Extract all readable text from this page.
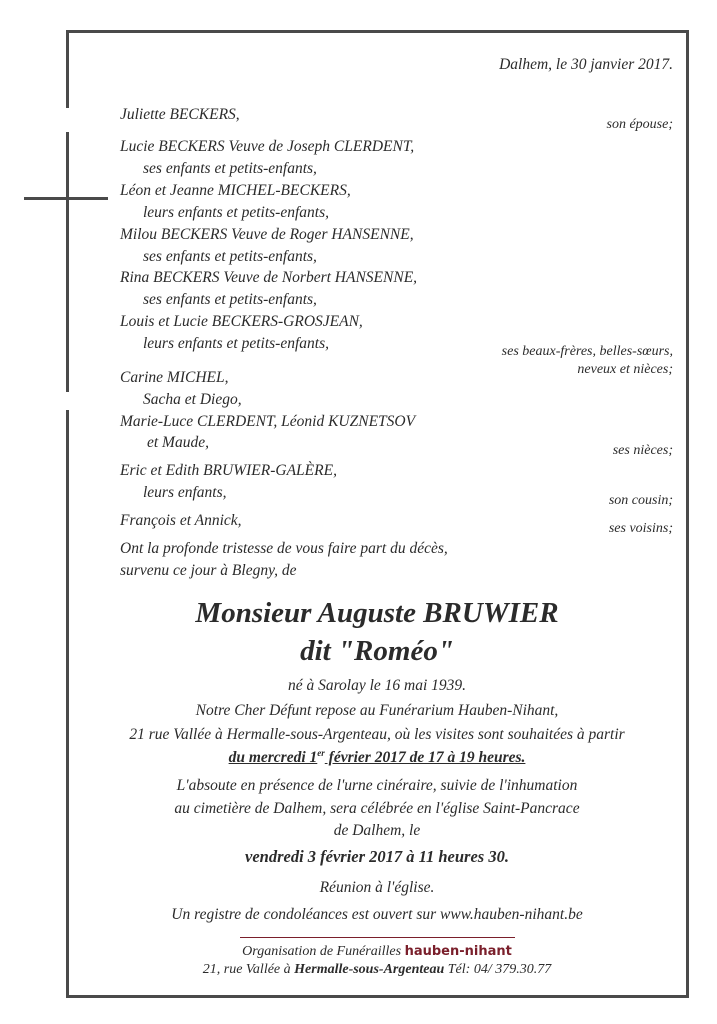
Dalhem, le 30 janvier 2017.
Juliette BECKERS,
Lucie BECKERS Veuve de Joseph CLERDENT,
ses enfants et petits-enfants,
Léon et Jeanne MICHEL-BECKERS,
leurs enfants et petits-enfants,
Milou BECKERS Veuve de Roger HANSENNE,
ses enfants et petits-enfants,
Rina BECKERS Veuve de Norbert HANSENNE,
ses enfants et petits-enfants,
Louis et Lucie BECKERS-GROSJEAN,
leurs enfants et petits-enfants,
Carine MICHEL,
Sacha et Diego,
Marie-Luce CLERDENT, Léonid KUZNETSOV
et Maude,
Eric et Edith BRUWIER-GALÈRE,
leurs enfants,
François et Annick,
son épouse;
ses beaux-frères, belles-sœurs,
neveux et nièces;
ses nièces;
son cousin;
ses voisins;
Ont la profonde tristesse de vous faire part du décès,
survenu ce jour à Blegny, de
Monsieur Auguste BRUWIER
dit "Roméo"
né à Sarolay le 16 mai 1939.
Notre Cher Défunt repose au Funérarium Hauben-Nihant,
21 rue Vallée à Hermalle-sous-Argenteau, où les visites sont souhaitées à partir
du mercredi 1er février 2017 de 17 à 19 heures.
L'absoute en présence de l'urne cinéraire, suivie de l'inhumation
au cimetière de Dalhem, sera célébrée en l'église Saint-Pancrace
de Dalhem, le
vendredi 3 février 2017 à 11 heures 30.
Réunion à l'église.
Un registre de condoléances est ouvert sur www.hauben-nihant.be
Organisation de Funérailles hauben-nihant
21, rue Vallée à Hermalle-sous-Argenteau Tél: 04/ 379.30.77
